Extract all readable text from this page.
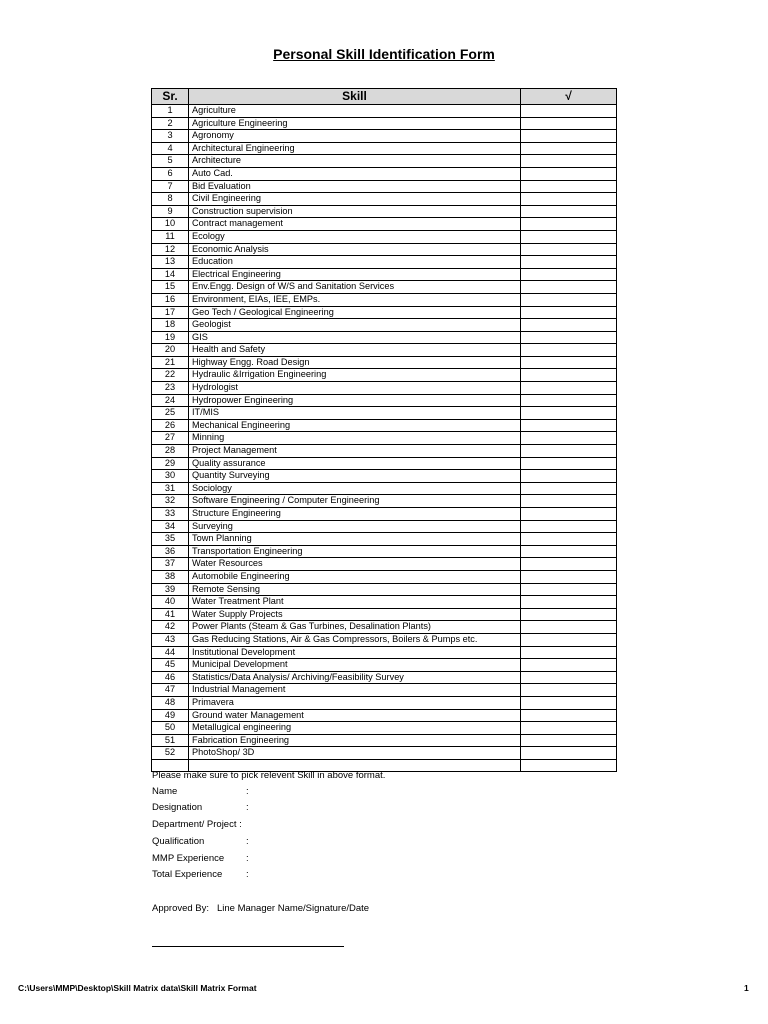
Personal Skill Identification Form
Sr.	Skill	√
1	Agriculture	
2	Agriculture Engineering	
3	Agronomy	
4	Architectural Engineering	
5	Architecture	
6	Auto Cad.	
7	Bid Evaluation	
8	Civil Engineering	
9	Construction supervision	
10	Contract management	
11	Ecology	
12	Economic Analysis	
13	Education	
14	Electrical Engineering	
15	Env.Engg. Design of W/S and Sanitation Services	
16	Environment, EIAs, IEE, EMPs.	
17	Geo Tech / Geological Engineering	
18	Geologist	
19	GIS	
20	Health and Safety	
21	Highway Engg. Road Design	
22	Hydraulic &Irrigation Engineering	
23	Hydrologist	
24	Hydropower Engineering	
25	IT/MIS	
26	Mechanical Engineering	
27	Minning	
28	Project Management	
29	Quality assurance	
30	Quantity Surveying	
31	Sociology	
32	Software Engineering / Computer Engineering	
33	Structure Engineering	
34	Surveying	
35	Town Planning	
36	Transportation Engineering	
37	Water Resources	
38	Automobile Engineering	
39	Remote Sensing	
40	Water Treatment Plant	
41	Water Supply Projects	
42	Power Plants (Steam & Gas Turbines, Desalination Plants)	
43	Gas Reducing Stations, Air & Gas Compressors, Boilers & Pumps etc.	
44	Institutional Development	
45	Municipal Development	
46	Statistics/Data Analysis/ Archiving/Feasibility Survey	
47	Industrial Management	
48	Primavera	
49	Ground water Management	
50	Metallugical engineering	
51	Fabrication Engineering	
52	PhotoShop/ 3D	

Please make sure to pick relevent Skill in above format.
Name	:
Designation	:
Department/ Project :
Qualification	:
MMP Experience :
Total Experience	:
Approved By: Line Manager Name/Signature/Date
C:\Users\MMP\Desktop\Skill Matrix data\Skill Matrix Format	1
